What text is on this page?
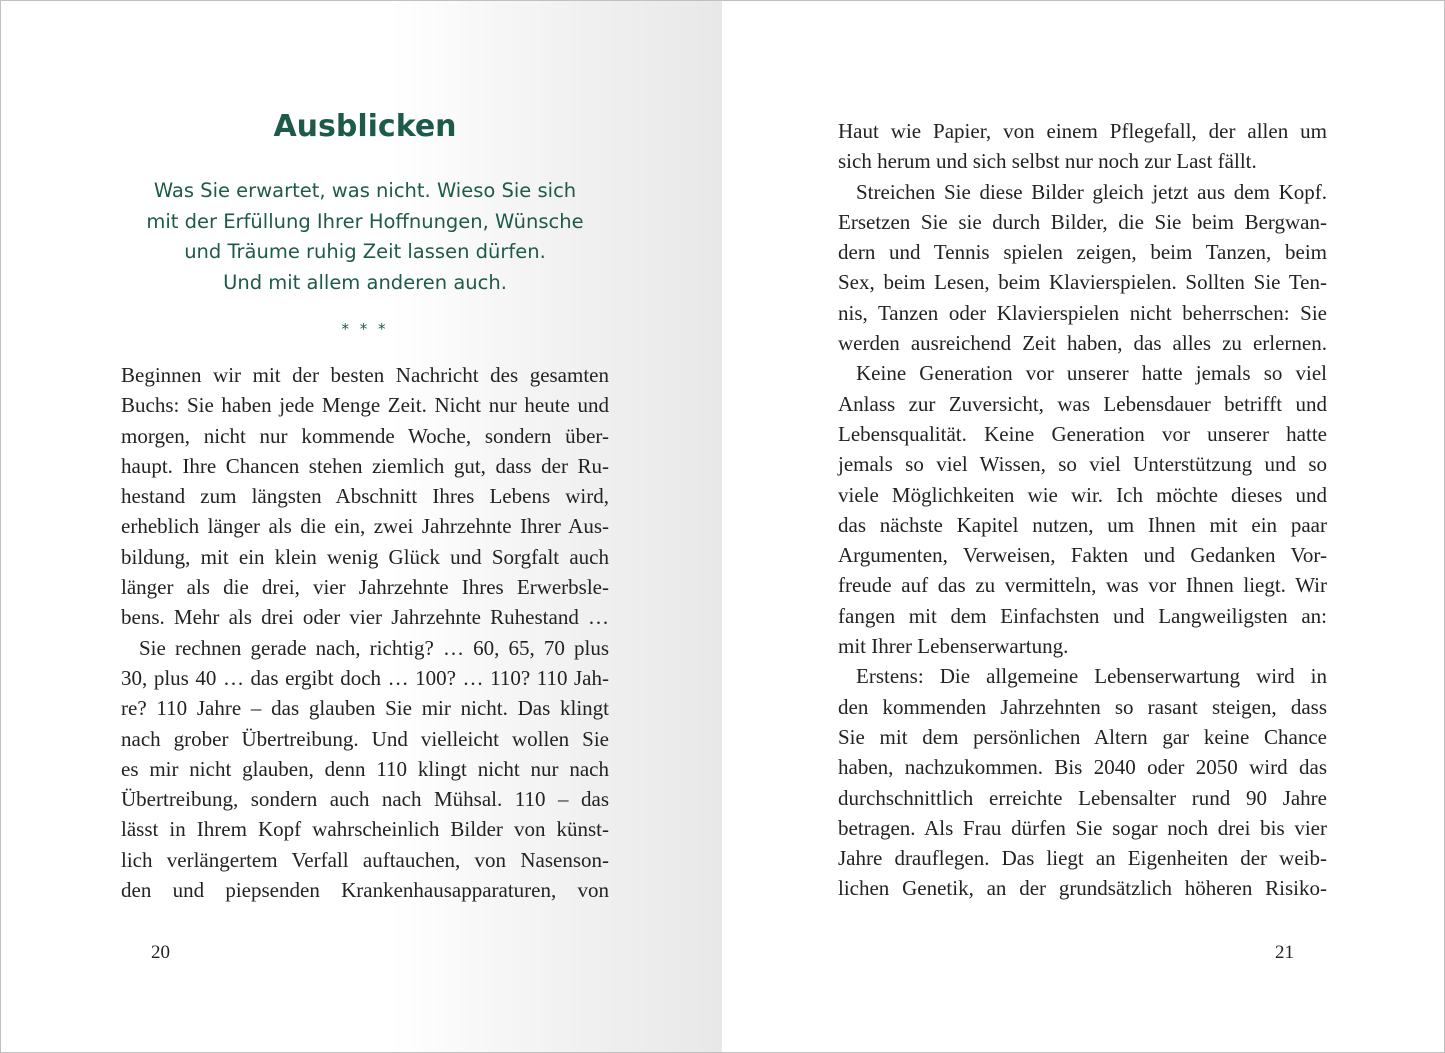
Ausblicken
Was Sie erwartet, was nicht. Wieso Sie sich
mit der Erfüllung Ihrer Hoffnungen, Wünsche
und Träume ruhig Zeit lassen dürfen.
Und mit allem anderen auch.
* * *
Beginnen wir mit der besten Nachricht des gesamten
Buchs: Sie haben jede Menge Zeit. Nicht nur heute und
morgen, nicht nur kommende Woche, sondern über-
haupt. Ihre Chancen stehen ziemlich gut, dass der Ru-
hestand zum längsten Abschnitt Ihres Lebens wird,
erheblich länger als die ein, zwei Jahrzehnte Ihrer Aus-
bildung, mit ein klein wenig Glück und Sorgfalt auch
länger als die drei, vier Jahrzehnte Ihres Erwerbsle-
bens. Mehr als drei oder vier Jahrzehnte Ruhestand …
Sie rechnen gerade nach, richtig? … 60, 65, 70 plus
30, plus 40 … das ergibt doch … 100? … 110? 110 Jah-
re? 110 Jahre – das glauben Sie mir nicht. Das klingt
nach grober Übertreibung. Und vielleicht wollen Sie
es mir nicht glauben, denn 110 klingt nicht nur nach
Übertreibung, sondern auch nach Mühsal. 110 – das
lässt in Ihrem Kopf wahrscheinlich Bilder von künst-
lich verlängertem Verfall auftauchen, von Nasenson-
den und piepsenden Krankenhausapparaturen, von
20
Haut wie Papier, von einem Pflegefall, der allen um
sich herum und sich selbst nur noch zur Last fällt.
Streichen Sie diese Bilder gleich jetzt aus dem Kopf.
Ersetzen Sie sie durch Bilder, die Sie beim Bergwan-
dern und Tennis spielen zeigen, beim Tanzen, beim
Sex, beim Lesen, beim Klavierspielen. Sollten Sie Ten-
nis, Tanzen oder Klavierspielen nicht beherrschen: Sie
werden ausreichend Zeit haben, das alles zu erlernen.
Keine Generation vor unserer hatte jemals so viel
Anlass zur Zuversicht, was Lebensdauer betrifft und
Lebensqualität. Keine Generation vor unserer hatte
jemals so viel Wissen, so viel Unterstützung und so
viele Möglichkeiten wie wir. Ich möchte dieses und
das nächste Kapitel nutzen, um Ihnen mit ein paar
Argumenten, Verweisen, Fakten und Gedanken Vor-
freude auf das zu vermitteln, was vor Ihnen liegt. Wir
fangen mit dem Einfachsten und Langweiligsten an:
mit Ihrer Lebenserwartung.
Erstens: Die allgemeine Lebenserwartung wird in
den kommenden Jahrzehnten so rasant steigen, dass
Sie mit dem persönlichen Altern gar keine Chance
haben, nachzukommen. Bis 2040 oder 2050 wird das
durchschnittlich erreichte Lebensalter rund 90 Jahre
betragen. Als Frau dürfen Sie sogar noch drei bis vier
Jahre drauflegen. Das liegt an Eigenheiten der weib-
lichen Genetik, an der grundsätzlich höheren Risiko-
21
